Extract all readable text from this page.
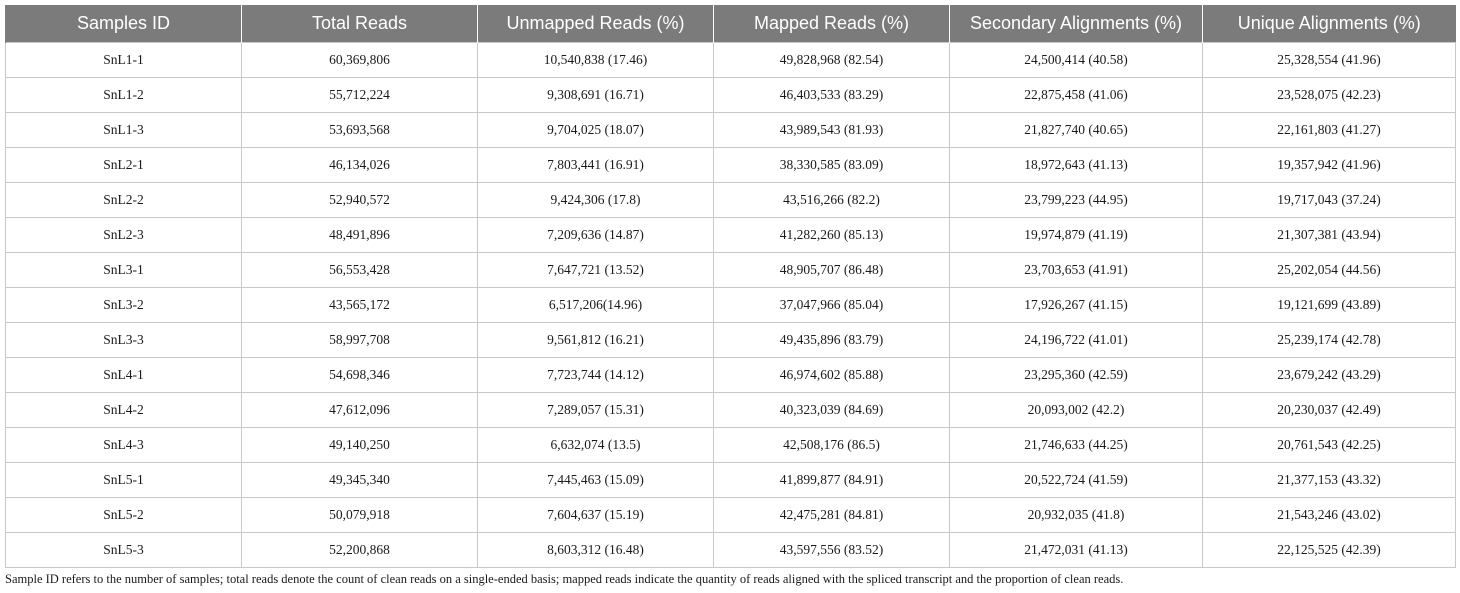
Samples ID	Total Reads	Unmapped Reads (%)	Mapped Reads (%)	Secondary Alignments (%)	Unique Alignments (%)
SnL1-1	60,369,806	10,540,838 (17.46)	49,828,968 (82.54)	24,500,414 (40.58)	25,328,554 (41.96)
SnL1-2	55,712,224	9,308,691 (16.71)	46,403,533 (83.29)	22,875,458 (41.06)	23,528,075 (42.23)
SnL1-3	53,693,568	9,704,025 (18.07)	43,989,543 (81.93)	21,827,740 (40.65)	22,161,803 (41.27)
SnL2-1	46,134,026	7,803,441 (16.91)	38,330,585 (83.09)	18,972,643 (41.13)	19,357,942 (41.96)
SnL2-2	52,940,572	9,424,306 (17.8)	43,516,266 (82.2)	23,799,223 (44.95)	19,717,043 (37.24)
SnL2-3	48,491,896	7,209,636 (14.87)	41,282,260 (85.13)	19,974,879 (41.19)	21,307,381 (43.94)
SnL3-1	56,553,428	7,647,721 (13.52)	48,905,707 (86.48)	23,703,653 (41.91)	25,202,054 (44.56)
SnL3-2	43,565,172	6,517,206(14.96)	37,047,966 (85.04)	17,926,267 (41.15)	19,121,699 (43.89)
SnL3-3	58,997,708	9,561,812 (16.21)	49,435,896 (83.79)	24,196,722 (41.01)	25,239,174 (42.78)
SnL4-1	54,698,346	7,723,744 (14.12)	46,974,602 (85.88)	23,295,360 (42.59)	23,679,242 (43.29)
SnL4-2	47,612,096	7,289,057 (15.31)	40,323,039 (84.69)	20,093,002 (42.2)	20,230,037 (42.49)
SnL4-3	49,140,250	6,632,074 (13.5)	42,508,176 (86.5)	21,746,633 (44.25)	20,761,543 (42.25)
SnL5-1	49,345,340	7,445,463 (15.09)	41,899,877 (84.91)	20,522,724 (41.59)	21,377,153 (43.32)
SnL5-2	50,079,918	7,604,637 (15.19)	42,475,281 (84.81)	20,932,035 (41.8)	21,543,246 (43.02)
SnL5-3	52,200,868	8,603,312 (16.48)	43,597,556 (83.52)	21,472,031 (41.13)	22,125,525 (42.39)
Sample ID refers to the number of samples; total reads denote the count of clean reads on a single-ended basis; mapped reads indicate the quantity of reads aligned with the spliced transcript and the proportion of clean reads.
